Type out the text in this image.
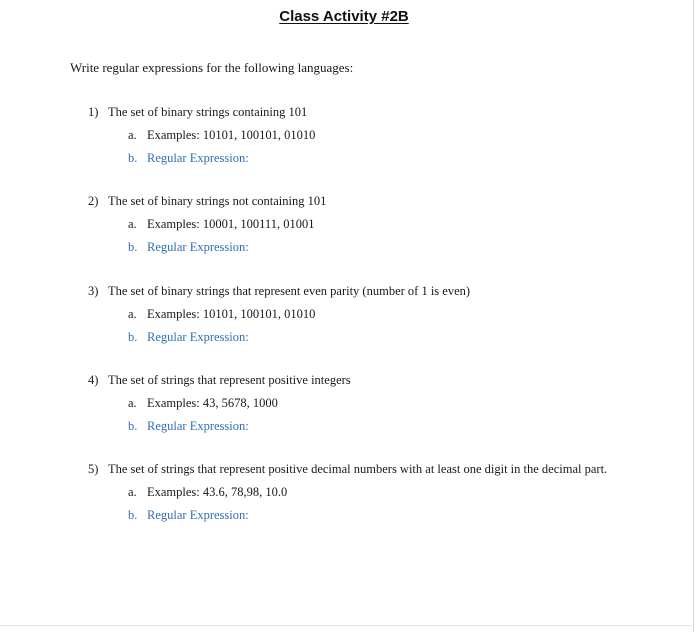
Class Activity #2B
Write regular expressions for the following languages:
1) The set of binary strings containing 101
a. Examples: 10101, 100101, 01010
b. Regular Expression:
2) The set of binary strings not containing 101
a. Examples: 10001, 100111, 01001
b. Regular Expression:
3) The set of binary strings that represent even parity (number of 1 is even)
a. Examples: 10101, 100101, 01010
b. Regular Expression:
4) The set of strings that represent positive integers
a. Examples: 43, 5678, 1000
b. Regular Expression:
5) The set of strings that represent positive decimal numbers with at least one digit in the decimal part.
a. Examples: 43.6, 78,98, 10.0
b. Regular Expression:
